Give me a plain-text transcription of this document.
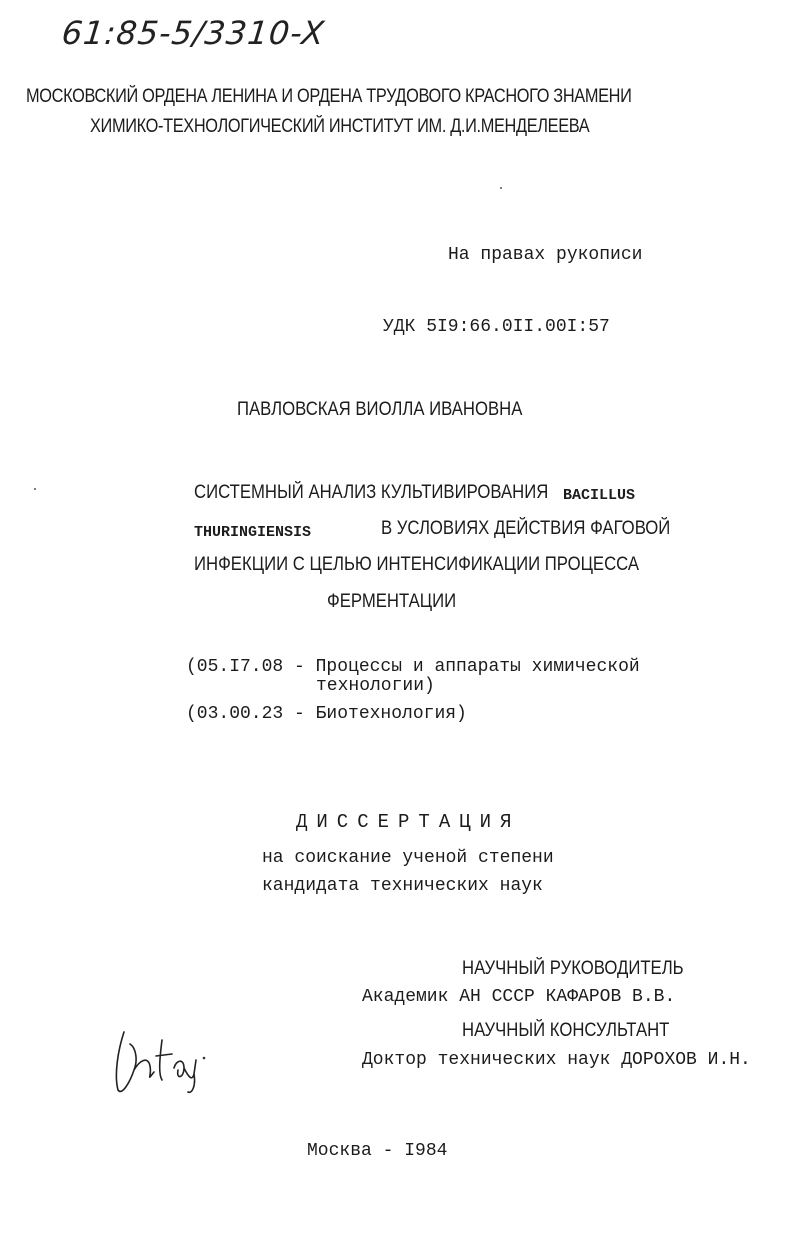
61:85-5/3310-X
МОСКОВСКИЙ ОРДЕНА ЛЕНИНА И ОРДЕНА ТРУДОВОГО КРАСНОГО ЗНАМЕНИ
ХИМИКО-ТЕХНОЛОГИЧЕСКИЙ ИНСТИТУТ ИМ. Д.И.МЕНДЕЛЕЕВА
На правах рукописи
УДК 5I9:66.0II.00I:57
ПАВЛОВСКАЯ ВИОЛЛА ИВАНОВНА
СИСТЕМНЫЙ АНАЛИЗ КУЛЬТИВИРОВАНИЯ BACILLUS
THURINGIENSIS	В УСЛОВИЯХ ДЕЙСТВИЯ ФАГОВОЙ
ИНФЕКЦИИ С ЦЕЛЬЮ ИНТЕНСИФИКАЦИИ ПРОЦЕССА
ФЕРМЕНТАЦИИ
(05.I7.08 - Процессы и аппараты химической
технологии)
(03.00.23 - Биотехнология)
ДИССЕРТАЦИЯ
на соискание ученой степени
кандидата технических наук
НАУЧНЫЙ РУКОВОДИТЕЛЬ
Академик АН СССР КАФАРОВ В.В.
НАУЧНЫЙ КОНСУЛЬТАНТ
Доктор технических наук ДОРОХОВ И.Н.
Москва - I984
